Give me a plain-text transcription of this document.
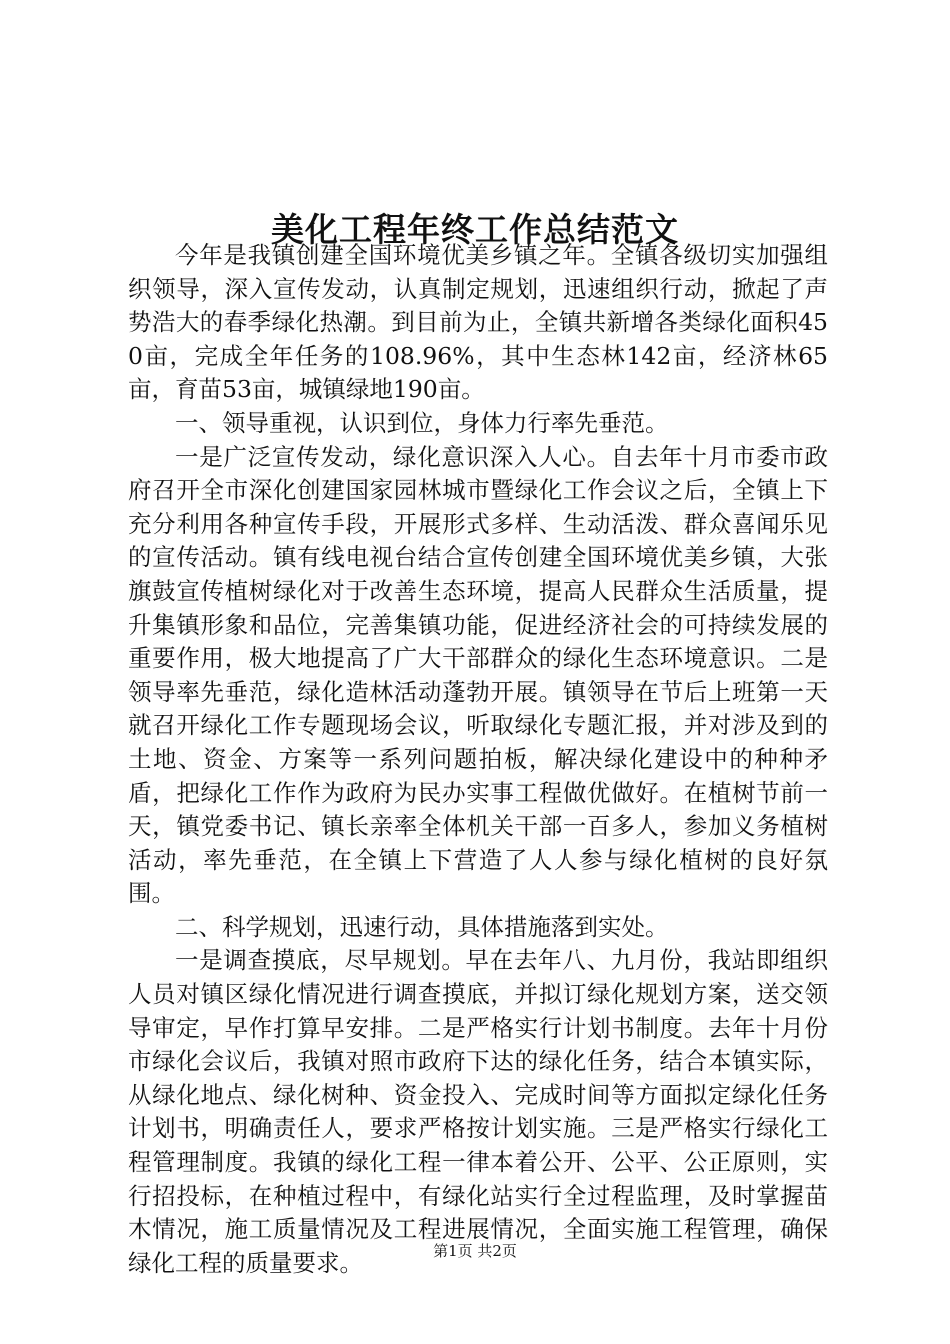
美化工程年终工作总结范文

今年是我镇创建全国环境优美乡镇之年。全镇各级切实加强组织领导，深入宣传发动，认真制定规划，迅速组织行动，掀起了声势浩大的春季绿化热潮。到目前为止，全镇共新增各类绿化面积450亩，完成全年任务的108.96%，其中生态林142亩，经济林65亩，育苗53亩，城镇绿地190亩。

一、领导重视，认识到位，身体力行率先垂范。

一是广泛宣传发动，绿化意识深入人心。自去年十月市委市政府召开全市深化创建国家园林城市暨绿化工作会议之后，全镇上下充分利用各种宣传手段，开展形式多样、生动活泼、群众喜闻乐见的宣传活动。镇有线电视台结合宣传创建全国环境优美乡镇，大张旗鼓宣传植树绿化对于改善生态环境，提高人民群众生活质量，提升集镇形象和品位，完善集镇功能，促进经济社会的可持续发展的重要作用，极大地提高了广大干部群众的绿化生态环境意识。二是领导率先垂范，绿化造林活动蓬勃开展。镇领导在节后上班第一天就召开绿化工作专题现场会议，听取绿化专题汇报，并对涉及到的土地、资金、方案等一系列问题拍板，解决绿化建设中的种种矛盾，把绿化工作作为政府为民办实事工程做优做好。在植树节前一天，镇党委书记、镇长亲率全体机关干部一百多人，参加义务植树活动，率先垂范，在全镇上下营造了人人参与绿化植树的良好氛围。

二、科学规划，迅速行动，具体措施落到实处。

一是调查摸底，尽早规划。早在去年八、九月份，我站即组织人员对镇区绿化情况进行调查摸底，并拟订绿化规划方案，送交领导审定，早作打算早安排。二是严格实行计划书制度。去年十月份市绿化会议后，我镇对照市政府下达的绿化任务，结合本镇实际，从绿化地点、绿化树种、资金投入、完成时间等方面拟定绿化任务计划书，明确责任人，要求严格按计划实施。三是严格实行绿化工程管理制度。我镇的绿化工程一律本着公开、公平、公正原则，实行招投标，在种植过程中，有绿化站实行全过程监理，及时掌握苗木情况，施工质量情况及工程进展情况，全面实施工程管理，确保绿化工程的质量要求。	第1页 共2页
